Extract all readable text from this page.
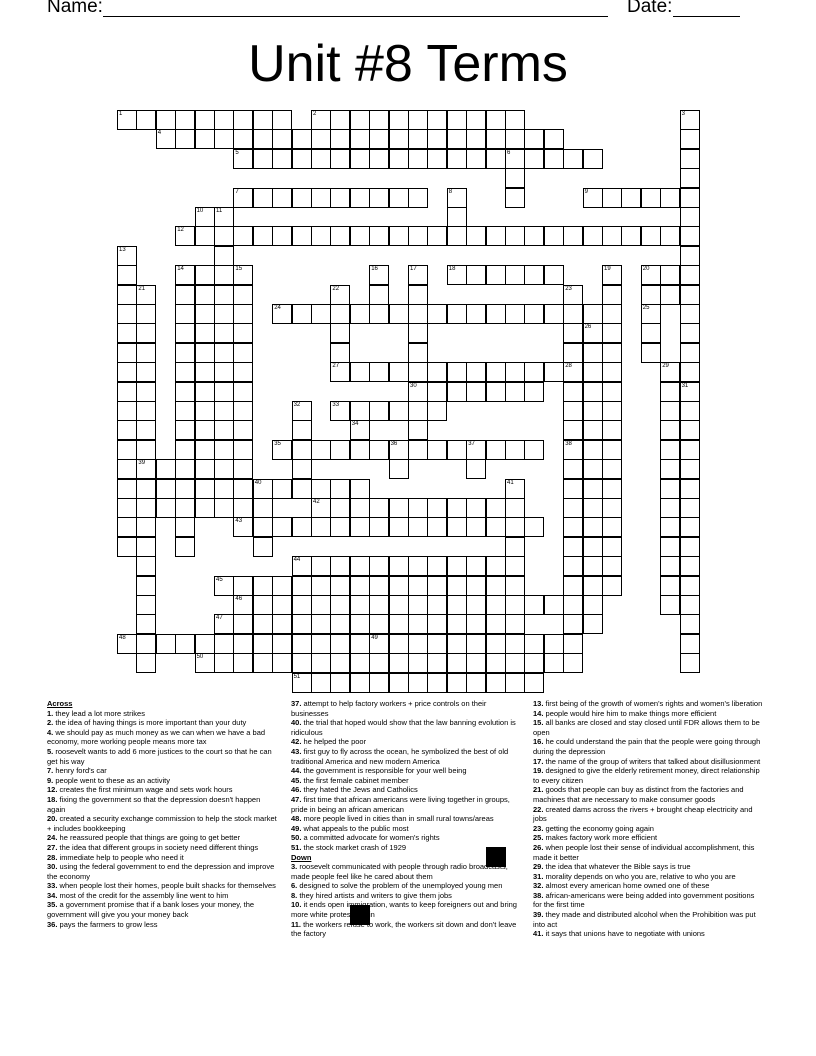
Name:	Date:
Unit #8 Terms
1	2	3
4
5	6
7	8	9
10 11
12
13
14	15	16	17	18	19	20
21	22	23
24	25
26
27	28	29
30	31
32	33
34
35	36	37	38
39
40	41
42
43
44
45
46
47
48	49
50
51

Across

1. they lead a lot more strikes

2. the idea of having things is more important than your duty

4. we should pay as much money as we can when we have a bad economy, more working people means more tax

5. roosevelt wants to add 6 more justices to the court so that he can get his way

7. henry ford's car

9. people went to these as an activity

12. creates the first minimum wage and sets work hours

18. fixing the government so that the depression doesn't happen again

20. created a security exchange commission to help the stock market + includes bookkeeping

24. he reassured people that things are going to get better

27. the idea that different groups in society need different things

28. immediate help to people who need it

30. using the federal government to end the depression and improve the economy

33. when people lost their homes, people built shacks for themselves

34. most of the credit for the assembly line went to him

35. a government promise that if a bank loses your money, the government will give you your money back

36. pays the farmers to grow less

37. attempt to help factory workers + price controls on their businesses

40. the trial that hoped would show that the law banning evolution is ridiculous

42. he helped the poor

43. first guy to fly across the ocean, he symbolized the best of old traditional America and new modern America

44. the government is responsible for your well being

45. the first female cabinet member

46. they hated the Jews and Catholics

47. first time that african americans were living together in groups, pride in being an african american

48. more people lived in cities than in small rural towns/areas

49. what appeals to the public most

50. a committed advocate for women's rights

51. the stock market crash of 1929

Down

3. roosevelt communicated with people through radio broadcasts, made people feel like he cared about them

6. designed to solve the problem of the unemployed young men

8. they hired artists and writers to give them jobs

10. it ends open immigration, wants to keep foreigners out and bring more white protestants in

11. the workers refuse to work, the workers sit down and don't leave the factory

13. first being of the growth of women's rights and women's liberation

14. people would hire him to make things more efficient

15. all banks are closed and stay closed until FDR allows them to be open

16. he could understand the pain that the people were going through during the depression

17. the name of the group of writers that talked about disillusionment

19. designed to give the elderly retirement money, direct relationship to every citizen

21. goods that people can buy as distinct from the factories and machines that are necessary to make consumer goods

22. created dams across the rivers + brought cheap electricity and jobs

23. getting the economy going again

25. makes factory work more efficient

26. when people lost their sense of individual accomplishment, this made it better

29. the idea that whatever the Bible says is true

31. morality depends on who you are, relative to who you are

32. almost every american home owned one of these

38. african-americans were being added into government positions for the first time

39. they made and distributed alcohol when the Prohibition was put into act

41. it says that unions have to negotiate with unions
